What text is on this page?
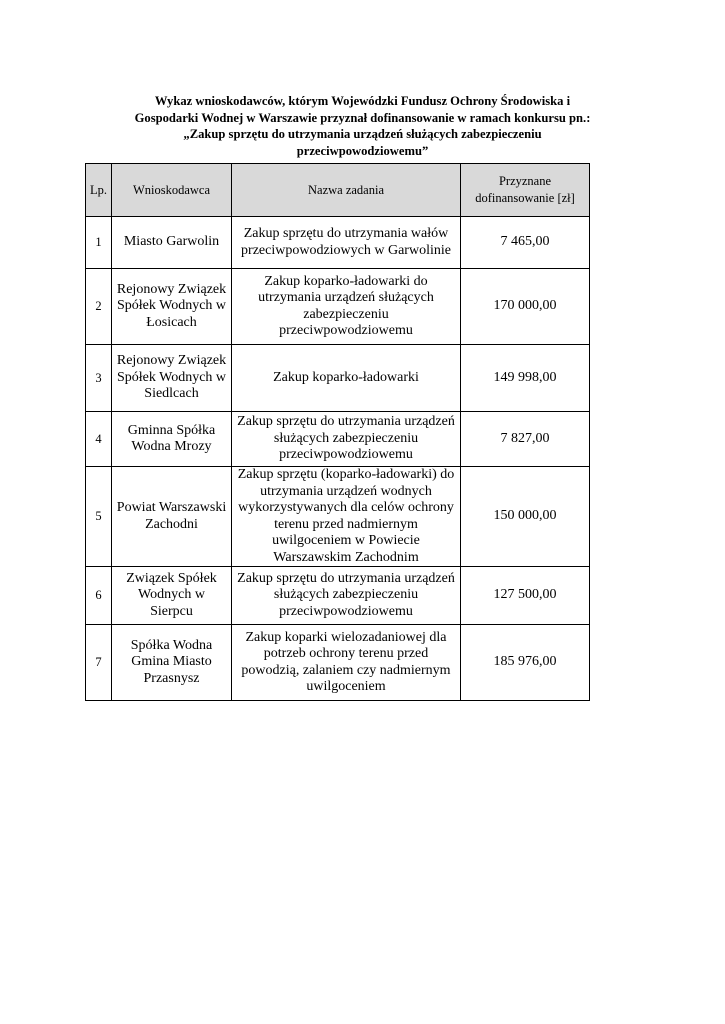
Wykaz wnioskodawców, którym Wojewódzki Fundusz Ochrony Środowiska i
Gospodarki Wodnej w Warszawie przyznał dofinansowanie w ramach konkursu pn.:
„Zakup sprzętu do utrzymania urządzeń służących zabezpieczeniu
przeciwpowodziowemu”
Lp.	Wnioskodawca	Nazwa zadania	Przyznane dofinansowanie [zł]
1	Miasto Garwolin	Zakup sprzętu do utrzymania wałów przeciwpowodziowych w Garwolinie	7 465,00
2	Rejonowy Związek Spółek Wodnych w Łosicach	Zakup koparko-ładowarki do utrzymania urządzeń służących zabezpieczeniu przeciwpowodziowemu	170 000,00
3	Rejonowy Związek Spółek Wodnych w Siedlcach	Zakup koparko-ładowarki	149 998,00
4	Gminna Spółka Wodna Mrozy	Zakup sprzętu do utrzymania urządzeń służących zabezpieczeniu przeciwpowodziowemu	7 827,00
5	Powiat Warszawski Zachodni	Zakup sprzętu (koparko-ładowarki) do utrzymania urządzeń wodnych wykorzystywanych dla celów ochrony terenu przed nadmiernym uwilgoceniem w Powiecie Warszawskim Zachodnim	150 000,00
6	Związek Spółek Wodnych w Sierpcu	Zakup sprzętu do utrzymania urządzeń służących zabezpieczeniu przeciwpowodziowemu	127 500,00
7	Spółka Wodna Gmina Miasto Przasnysz	Zakup koparki wielozadaniowej dla potrzeb ochrony terenu przed powodzią, zalaniem czy nadmiernym uwilgoceniem	185 976,00
